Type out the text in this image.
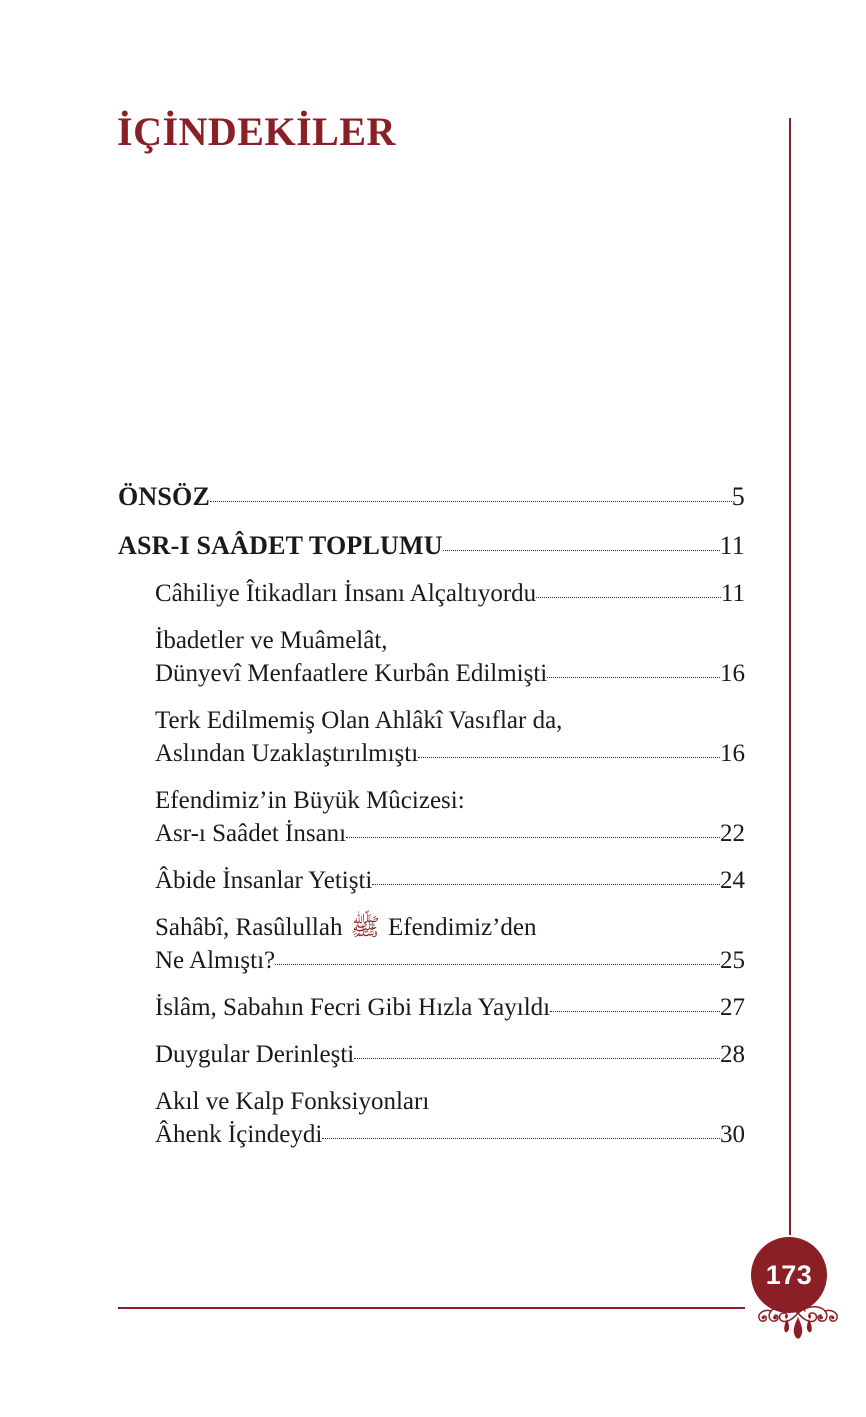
İÇİNDEKİLER
ÖNSÖZ	5
ASR-I SAÂDET TOPLUMU	11
Câhiliye Îtikadları İnsanı Alçaltıyordu	11
İbadetler ve Muâmelât,
Dünyevî Menfaatlere Kurbân Edilmişti	16
Terk Edilmemiş Olan Ahlâkî Vasıflar da,
Aslından Uzaklaştırılmıştı	16
Efendimiz’in Büyük Mûcizesi:
Asr-ı Saâdet İnsanı	22
Âbide İnsanlar Yetişti	24
Sahâbî, Rasûlullah ﷺ Efendimiz’den
Ne Almıştı?	25
İslâm, Sabahın Fecri Gibi Hızla Yayıldı	27
Duygular Derinleşti	28
Akıl ve Kalp Fonksiyonları
Âhenk İçindeydi	30
173
